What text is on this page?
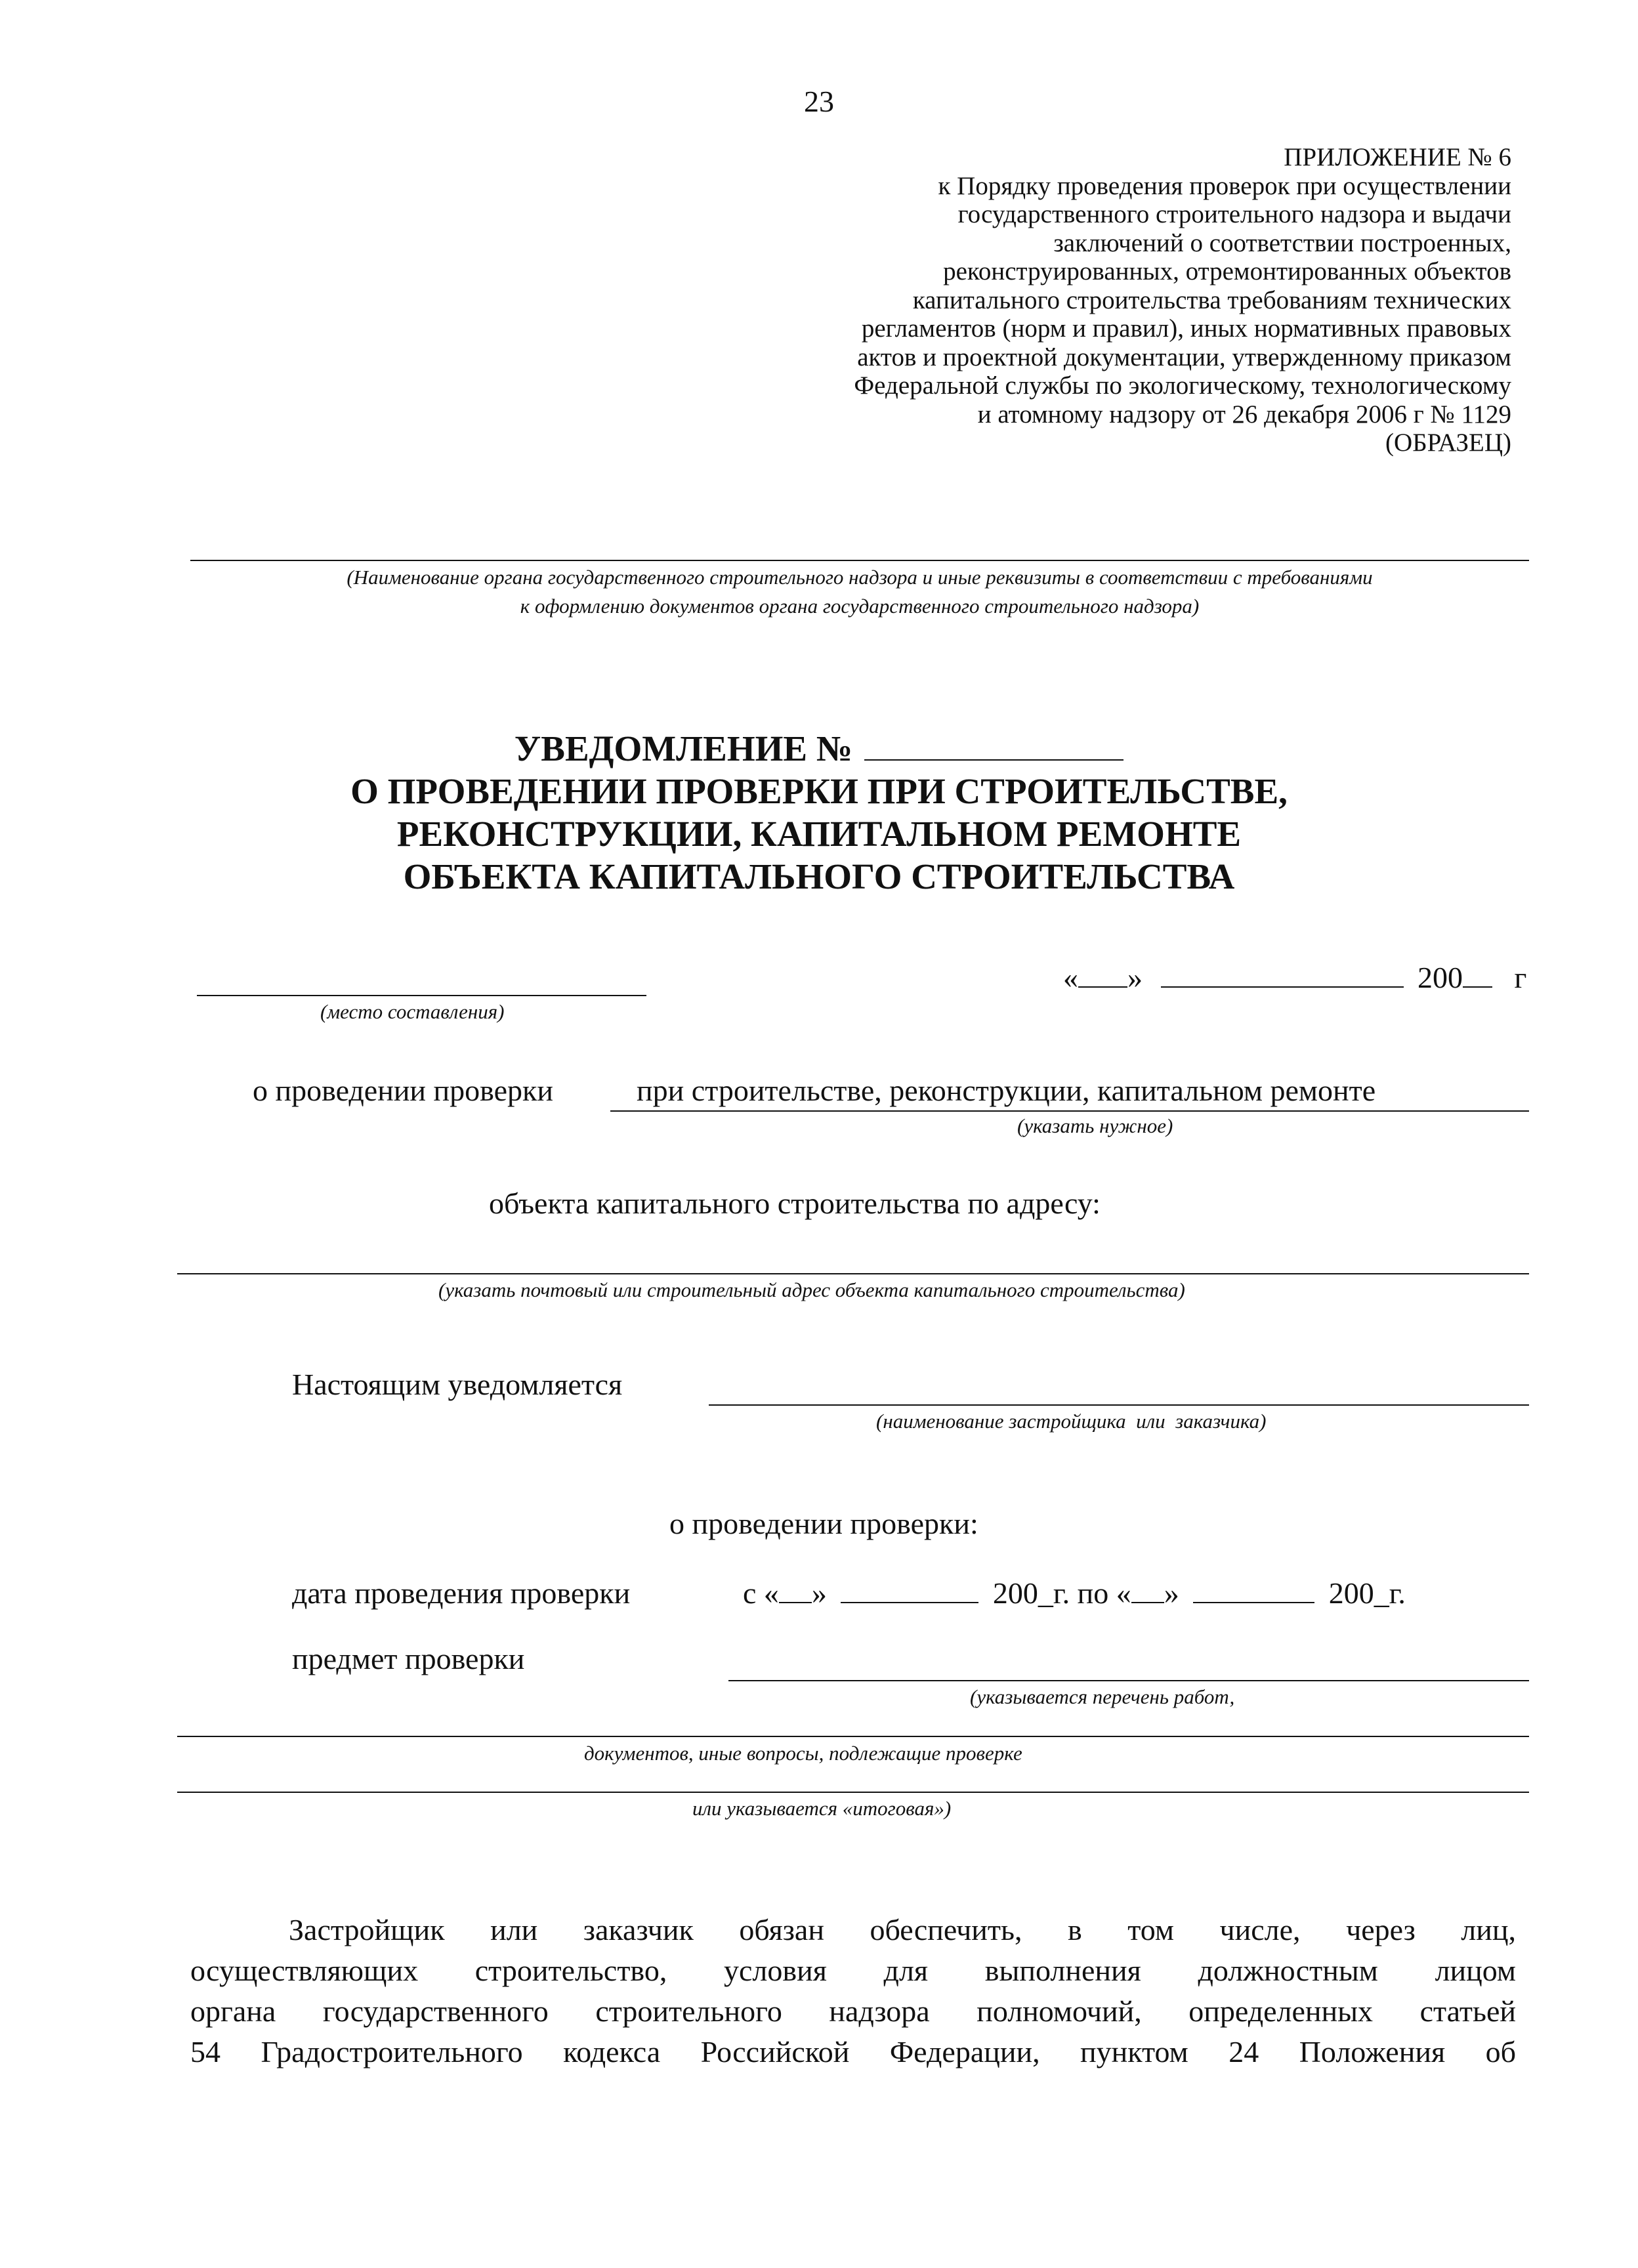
23
ПРИЛОЖЕНИЕ № 6
к Порядку проведения проверок при осуществлении
государственного строительного надзора и выдачи
заключений о соответствии построенных,
реконструированных, отремонтированных объектов
капитального строительства требованиям технических
регламентов (норм и правил), иных нормативных правовых
актов и проектной документации, утвержденному приказом
Федеральной службы по экологическому, технологическому
и атомному надзору от 26 декабря 2006 г № 1129
(ОБРАЗЕЦ)
(Наименование органа государственного строительного надзора и иные реквизиты в соответствии с требованиями
к оформлению документов органа государственного строительного надзора)
УВЕДОМЛЕНИЕ №
О ПРОВЕДЕНИИ ПРОВЕРКИ ПРИ СТРОИТЕЛЬСТВЕ,
РЕКОНСТРУКЦИИ, КАПИТАЛЬНОМ РЕМОНТЕ
ОБЪЕКТА КАПИТАЛЬНОГО СТРОИТЕЛЬСТВА
(место составления)
« »	200 г
о проведении проверки	при строительстве, реконструкции, капитальном ремонте
(указать нужное)
объекта капитального строительства по адресу:
(указать почтовый или строительный адрес объекта капитального строительства)
Настоящим уведомляется
(наименование застройщика  или  заказчика)
о проведении проверки:
дата проведения проверки	с « »	200_г. по « »	200_г.
предмет проверки
(указывается перечень работ,
документов, иные вопросы, подлежащие проверке
или указывается «итоговая»)
Застройщик или заказчик обязан обеспечить, в том числе, через лиц,
осуществляющих строительство, условия для выполнения должностным лицом
органа государственного строительного надзора полномочий, определенных статьей
54 Градостроительного кодекса Российской Федерации, пунктом 24 Положения об
